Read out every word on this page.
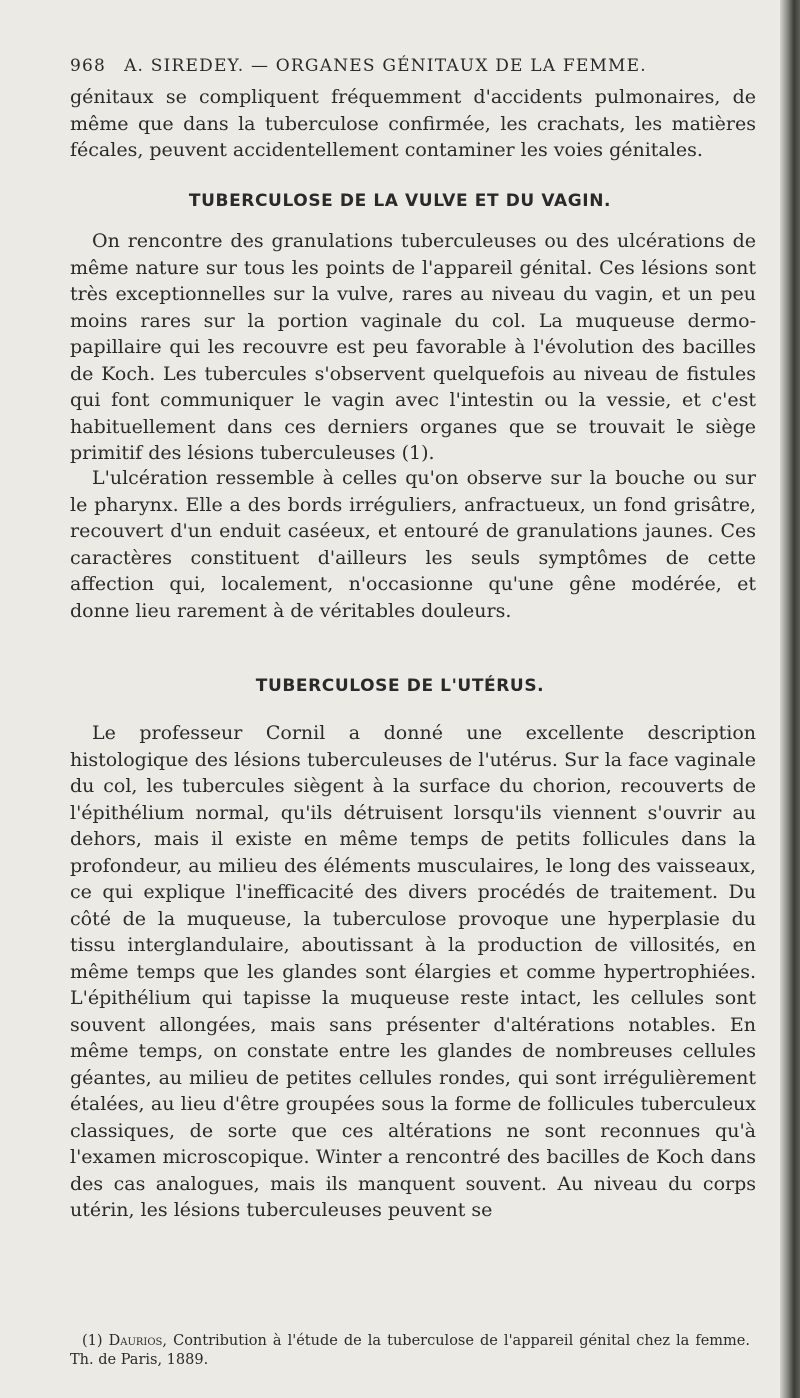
968 A. SIREDEY. — ORGANES GÉNITAUX DE LA FEMME.

génitaux se compliquent fréquemment d'accidents pulmonaires, de même que dans la tuberculose confirmée, les crachats, les matières fécales, peuvent accidentellement contaminer les voies génitales.

TUBERCULOSE DE LA VULVE ET DU VAGIN.

On rencontre des granulations tuberculeuses ou des ulcérations de même nature sur tous les points de l'appareil génital. Ces lésions sont très exceptionnelles sur la vulve, rares au niveau du vagin, et un peu moins rares sur la portion vaginale du col. La muqueuse dermo-papillaire qui les recouvre est peu favorable à l'évolution des bacilles de Koch. Les tubercules s'observent quelquefois au niveau de fistules qui font communiquer le vagin avec l'intestin ou la vessie, et c'est habituellement dans ces derniers organes que se trouvait le siège primitif des lésions tuberculeuses (1).

L'ulcération ressemble à celles qu'on observe sur la bouche ou sur le pharynx. Elle a des bords irréguliers, anfractueux, un fond grisâtre, recouvert d'un enduit caséeux, et entouré de granulations jaunes. Ces caractères constituent d'ailleurs les seuls symptômes de cette affection qui, localement, n'occasionne qu'une gêne modérée, et donne lieu rarement à de véritables douleurs.

TUBERCULOSE DE L'UTÉRUS.

Le professeur Cornil a donné une excellente description histologique des lésions tuberculeuses de l'utérus. Sur la face vaginale du col, les tubercules siègent à la surface du chorion, recouverts de l'épithélium normal, qu'ils détruisent lorsqu'ils viennent s'ouvrir au dehors, mais il existe en même temps de petits follicules dans la profondeur, au milieu des éléments musculaires, le long des vaisseaux, ce qui explique l'inefficacité des divers procédés de traitement. Du côté de la muqueuse, la tuberculose provoque une hyperplasie du tissu interglandulaire, aboutissant à la production de villosités, en même temps que les glandes sont élargies et comme hypertrophiées. L'épithélium qui tapisse la muqueuse reste intact, les cellules sont souvent allongées, mais sans présenter d'altérations notables. En même temps, on constate entre les glandes de nombreuses cellules géantes, au milieu de petites cellules rondes, qui sont irrégulièrement étalées, au lieu d'être groupées sous la forme de follicules tuberculeux classiques, de sorte que ces altérations ne sont reconnues qu'à l'examen microscopique. Winter a rencontré des bacilles de Koch dans des cas analogues, mais ils manquent souvent. Au niveau du corps utérin, les lésions tuberculeuses peuvent se

(1) Daurios, Contribution à l'étude de la tuberculose de l'appareil génital chez la femme. Th. de Paris, 1889.
